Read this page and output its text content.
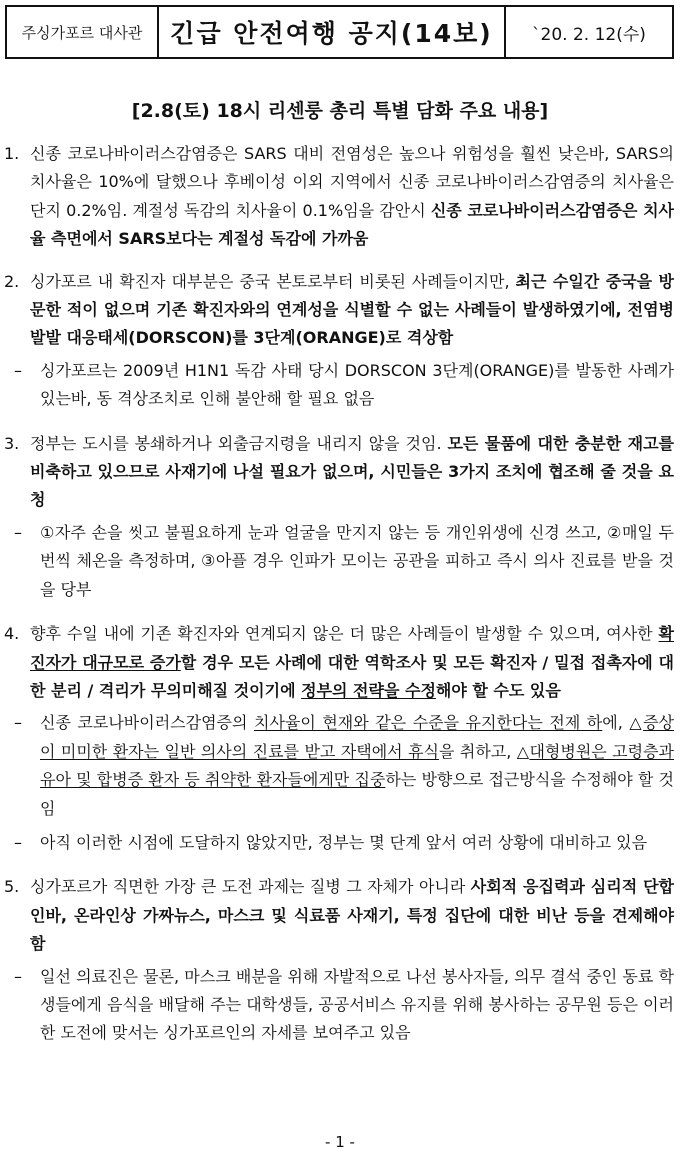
주싱가포르 대사관	긴급 안전여행 공지(14보)	`20. 2. 12(수)
[2.8(토) 18시 리센룽 총리 특별 담화 주요 내용]
1. 신종 코로나바이러스감염증은 SARS 대비 전염성은 높으나 위험성을 훨씬 낮은바, SARS의 치사율은 10%에 달했으나 후베이성 이외 지역에서 신종 코로나바이러스감염증의 치사율은 단지 0.2%임. 계절성 독감의 치사율이 0.1%임을 감안시 신종 코로나바이러스감염증은 치사율 측면에서 SARS보다는 계절성 독감에 가까움
2. 싱가포르 내 확진자 대부분은 중국 본토로부터 비롯된 사례들이지만, 최근 수일간 중국을 방문한 적이 없으며 기존 확진자와의 연계성을 식별할 수 없는 사례들이 발생하였기에, 전염병 발발 대응태세(DORSCON)를 3단계(ORANGE)로 격상함
– 싱가포르는 2009년 H1N1 독감 사태 당시 DORSCON 3단계(ORANGE)를 발동한 사례가 있는바, 동 격상조치로 인해 불안해 할 필요 없음
3. 정부는 도시를 봉쇄하거나 외출금지령을 내리지 않을 것임. 모든 물품에 대한 충분한 재고를 비축하고 있으므로 사재기에 나설 필요가 없으며, 시민들은 3가지 조치에 협조해 줄 것을 요청
– ①자주 손을 씻고 불필요하게 눈과 얼굴을 만지지 않는 등 개인위생에 신경 쓰고, ②매일 두 번씩 체온을 측정하며, ③아플 경우 인파가 모이는 공관을 피하고 즉시 의사 진료를 받을 것을 당부
4. 향후 수일 내에 기존 확진자와 연계되지 않은 더 많은 사례들이 발생할 수 있으며, 여사한 확진자가 대규모로 증가할 경우 모든 사례에 대한 역학조사 및 모든 확진자 / 밀접 접촉자에 대한 분리 / 격리가 무의미해질 것이기에 정부의 전략을 수정해야 할 수도 있음
– 신종 코로나바이러스감염증의 치사율이 현재와 같은 수준을 유지한다는 전제 하에, △증상이 미미한 환자는 일반 의사의 진료를 받고 자택에서 휴식을 취하고, △대형병원은 고령층과 유아 및 합병증 환자 등 취약한 환자들에게만 집중하는 방향으로 접근방식을 수정해야 할 것임
– 아직 이러한 시점에 도달하지 않았지만, 정부는 몇 단계 앞서 여러 상황에 대비하고 있음
5. 싱가포르가 직면한 가장 큰 도전 과제는 질병 그 자체가 아니라 사회적 응집력과 심리적 단합인바, 온라인상 가짜뉴스, 마스크 및 식료품 사재기, 특정 집단에 대한 비난 등을 견제해야 함
– 일선 의료진은 물론, 마스크 배분을 위해 자발적으로 나선 봉사자들, 의무 결석 중인 동료 학생들에게 음식을 배달해 주는 대학생들, 공공서비스 유지를 위해 봉사하는 공무원 등은 이러한 도전에 맞서는 싱가포르인의 자세를 보여주고 있음
- 1 -
